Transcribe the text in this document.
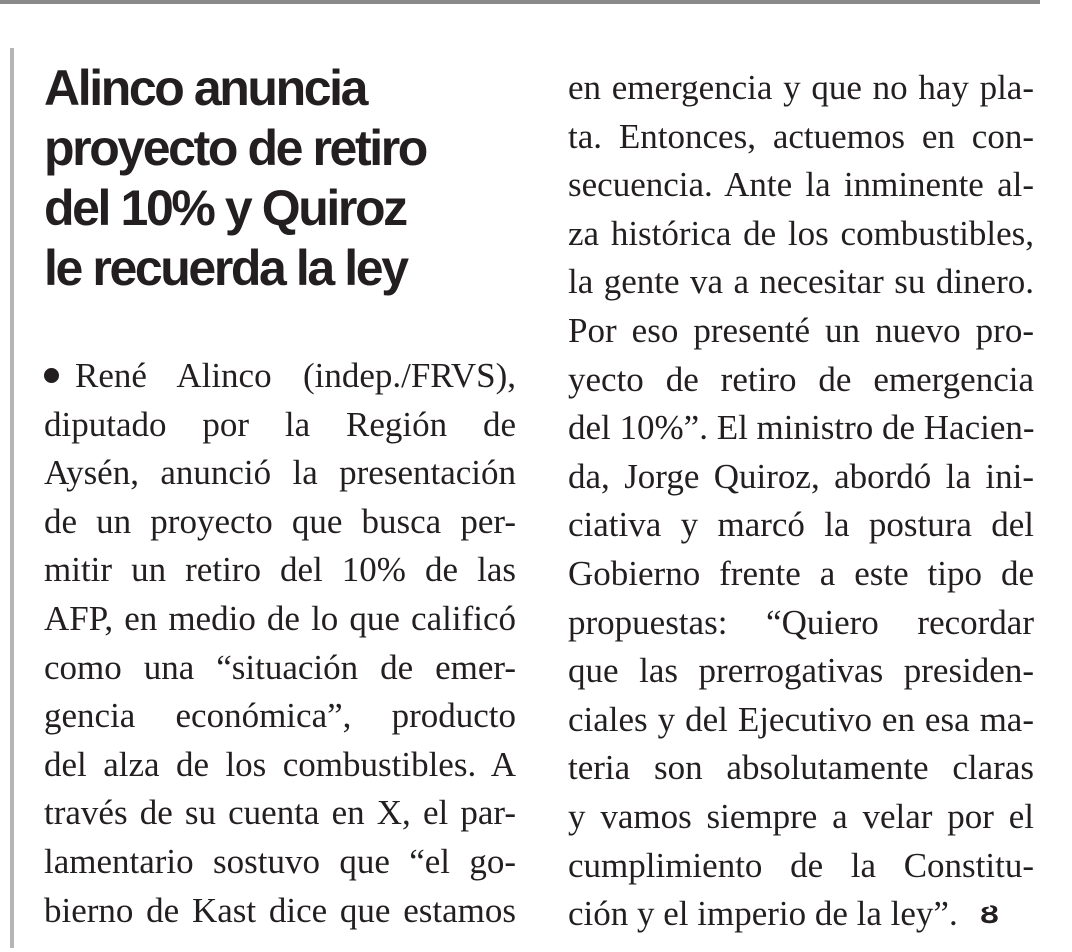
Alinco anuncia
proyecto de retiro
del 10% y Quiroz
le recuerda la ley
René Alinco (indep./FRVS),
diputado por la Región de
Aysén, anunció la presentación
de un proyecto que busca per-
mitir un retiro del 10% de las
AFP, en medio de lo que calificó
como una “situación de emer-
gencia económica”, producto
del alza de los combustibles. A
través de su cuenta en X, el par-
lamentario sostuvo que “el go-
bierno de Kast dice que estamos
en emergencia y que no hay pla-
ta. Entonces, actuemos en con-
secuencia. Ante la inminente al-
za histórica de los combustibles,
la gente va a necesitar su dinero.
Por eso presenté un nuevo pro-
yecto de retiro de emergencia
del 10%”. El ministro de Hacien-
da, Jorge Quiroz, abordó la ini-
ciativa y marcó la postura del
Gobierno frente a este tipo de
propuestas: “Quiero recordar
que las prerrogativas presiden-
ciales y del Ejecutivo en esa ma-
teria son absolutamente claras
y vamos siempre a velar por el
cumplimiento de la Constitu-
ción y el imperio de la ley”. Ȣ
